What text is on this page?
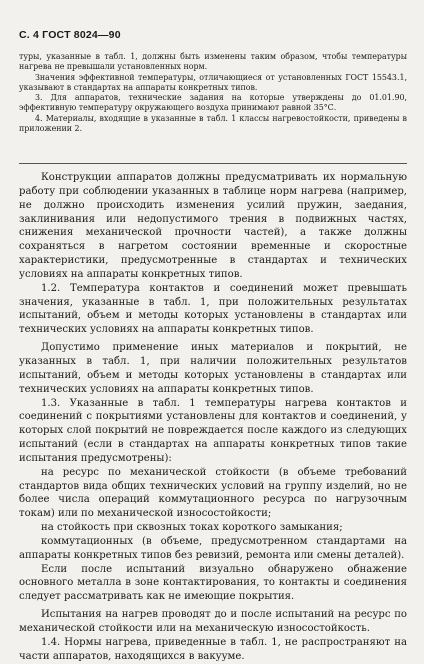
С. 4 ГОСТ 8024—90

туры, указанные в табл. 1, должны быть изменены таким образом, чтобы температуры нагрева не превышали установленных норм.

Значения эффективной температуры, отличающиеся от установленных ГОСТ 15543.1, указывают в стандартах на аппараты конкретных типов.

3. Для аппаратов, технические задания на которые утверждены до 01.01.90, эффективную температуру окружающего воздуха принимают равной 35°С.

4. Материалы, входящие в указанные в табл. 1 классы нагревостойкости, приведены в приложении 2.

Конструкции аппаратов должны предусматривать их нормальную работу при соблюдении указанных в таблице норм нагрева (например, не должно происходить изменения усилий пружин, заедания, заклинивания или недопустимого трения в подвижных частях, снижения механической прочности частей), а также должны сохраняться в нагретом состоянии временные и скоростные характеристики, предусмотренные в стандартах и технических условиях на аппараты конкретных типов.

1.2. Температура контактов и соединений может превышать значения, указанные в табл. 1, при положительных результатах испытаний, объем и методы которых установлены в стандартах или технических условиях на аппараты конкретных типов.

Допустимо применение иных материалов и покрытий, не указанных в табл. 1, при наличии положительных результатов испытаний, объем и методы которых установлены в стандартах или технических условиях на аппараты конкретных типов.

1.3. Указанные в табл. 1 температуры нагрева контактов и соединений с покрытиями установлены для контактов и соединений, у которых слой покрытий не повреждается после каждого из следующих испытаний (если в стандартах на аппараты конкретных типов такие испытания предусмотрены):

на ресурс по механической стойкости (в объеме требований стандартов вида общих технических условий на группу изделий, но не более числа операций коммутационного ресурса по нагрузочным токам) или по механической износостойкости;

на стойкость при сквозных токах короткого замыкания;

коммутационных (в объеме, предусмотренном стандартами на аппараты конкретных типов без ревизий, ремонта или смены деталей).

Если после испытаний визуально обнаружено обнажение основного металла в зоне контактирования, то контакты и соединения следует рассматривать как не имеющие покрытия.

Испытания на нагрев проводят до и после испытаний на ресурс по механической стойкости или на механическую износостойкость.

1.4. Нормы нагрева, приведенные в табл. 1, не распространяют на части аппаратов, находящихся в вакууме.
